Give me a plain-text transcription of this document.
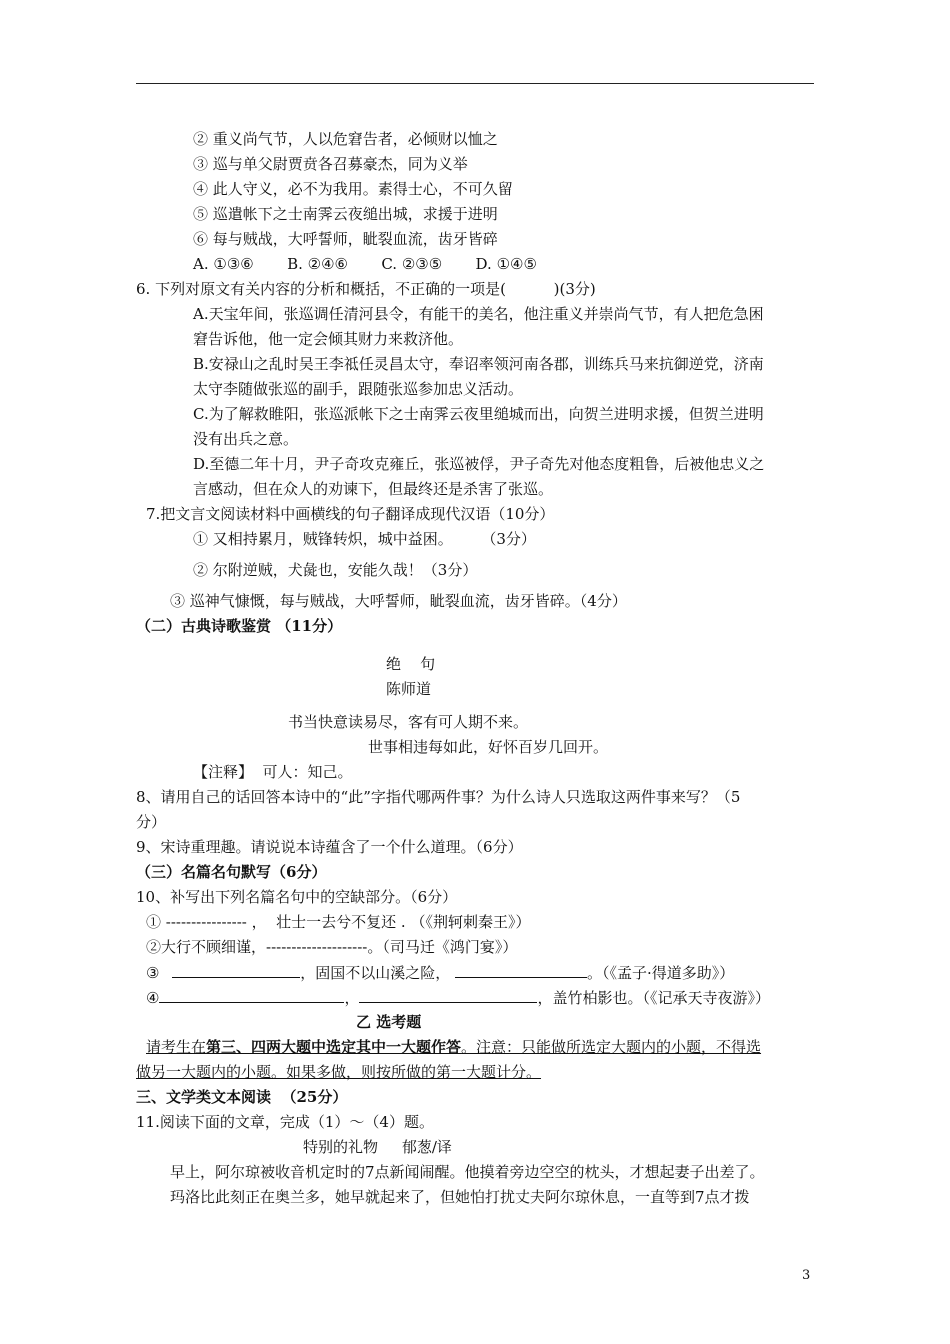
② 重义尚气节，人以危窘告者，必倾财以恤之
③ 巡与单父尉贾贲各召募豪杰，同为义举
④ 此人守义，必不为我用。素得士心，不可久留
⑤ 巡遣帐下之士南霁云夜缒出城，求援于进明
⑥ 每与贼战，大呼誓师，眦裂血流，齿牙皆碎
A. ①③⑥       B. ②④⑥       C. ②③⑤       D. ①④⑤
6. 下列对原文有关内容的分析和概括，不正确的一项是(          )(3分)
A.天宝年间，张巡调任清河县令，有能干的美名，他注重义并崇尚气节，有人把危急困
窘告诉他，他一定会倾其财力来救济他。
B.安禄山之乱时吴王李祗任灵昌太守，奉诏率领河南各郡，训练兵马来抗御逆党，济南
太守李随做张巡的副手，跟随张巡参加忠义活动。
C.为了解救睢阳，张巡派帐下之士南霁云夜里缒城而出，向贺兰进明求援，但贺兰进明
没有出兵之意。
D.至德二年十月，尹子奇攻克雍丘，张巡被俘，尹子奇先对他态度粗鲁，后被他忠义之
言感动，但在众人的劝谏下，但最终还是杀害了张巡。
7.把文言文阅读材料中画横线的句子翻译成现代汉语（10分）
① 又相持累月，贼锋转炽，城中益困。      （3分）
② 尔附逆贼，犬彘也，安能久哉！（3分）
③ 巡神气慷慨，每与贼战，大呼誓师，眦裂血流，齿牙皆碎。（4分）
（二）古典诗歌鉴赏 （11分）
绝    句
陈师道
书当快意读易尽，客有可人期不来。
世事相违每如此，好怀百岁几回开。
【注释】  可人：知己。
8、请用自己的话回答本诗中的“此”字指代哪两件事？为什么诗人只选取这两件事来写？（5
分）
9、宋诗重理趣。请说说本诗蕴含了一个什么道理。（6分）
（三）名篇名句默写（6分）
10、补写出下列名篇名句中的空缺部分。（6分）
① ---------------- ，  壮士一去兮不复还 . （《荆轲刺秦王》）
②大行不顾细谨，--------------------。（司马迁《鸿门宴》）
③	，固国不以山溪之险，	。（《孟子·得道多助》）
④	，	，盖竹柏影也。（《记承天寺夜游》）
乙 选考题
请考生在第三、四两大题中选定其中一大题作答。注意：只能做所选定大题内的小题，不得选
做另一大题内的小题。如果多做，则按所做的第一大题计分。
三、文学类文本阅读  （25分）
11.阅读下面的文章，完成（1）～（4）题。
特别的礼物     郁葱/译
早上，阿尔琼被收音机定时的7点新闻闹醒。他摸着旁边空空的枕头，才想起妻子出差了。
玛洛比此刻正在奥兰多，她早就起来了，但她怕打扰丈夫阿尔琼休息，一直等到7点才拨
3
